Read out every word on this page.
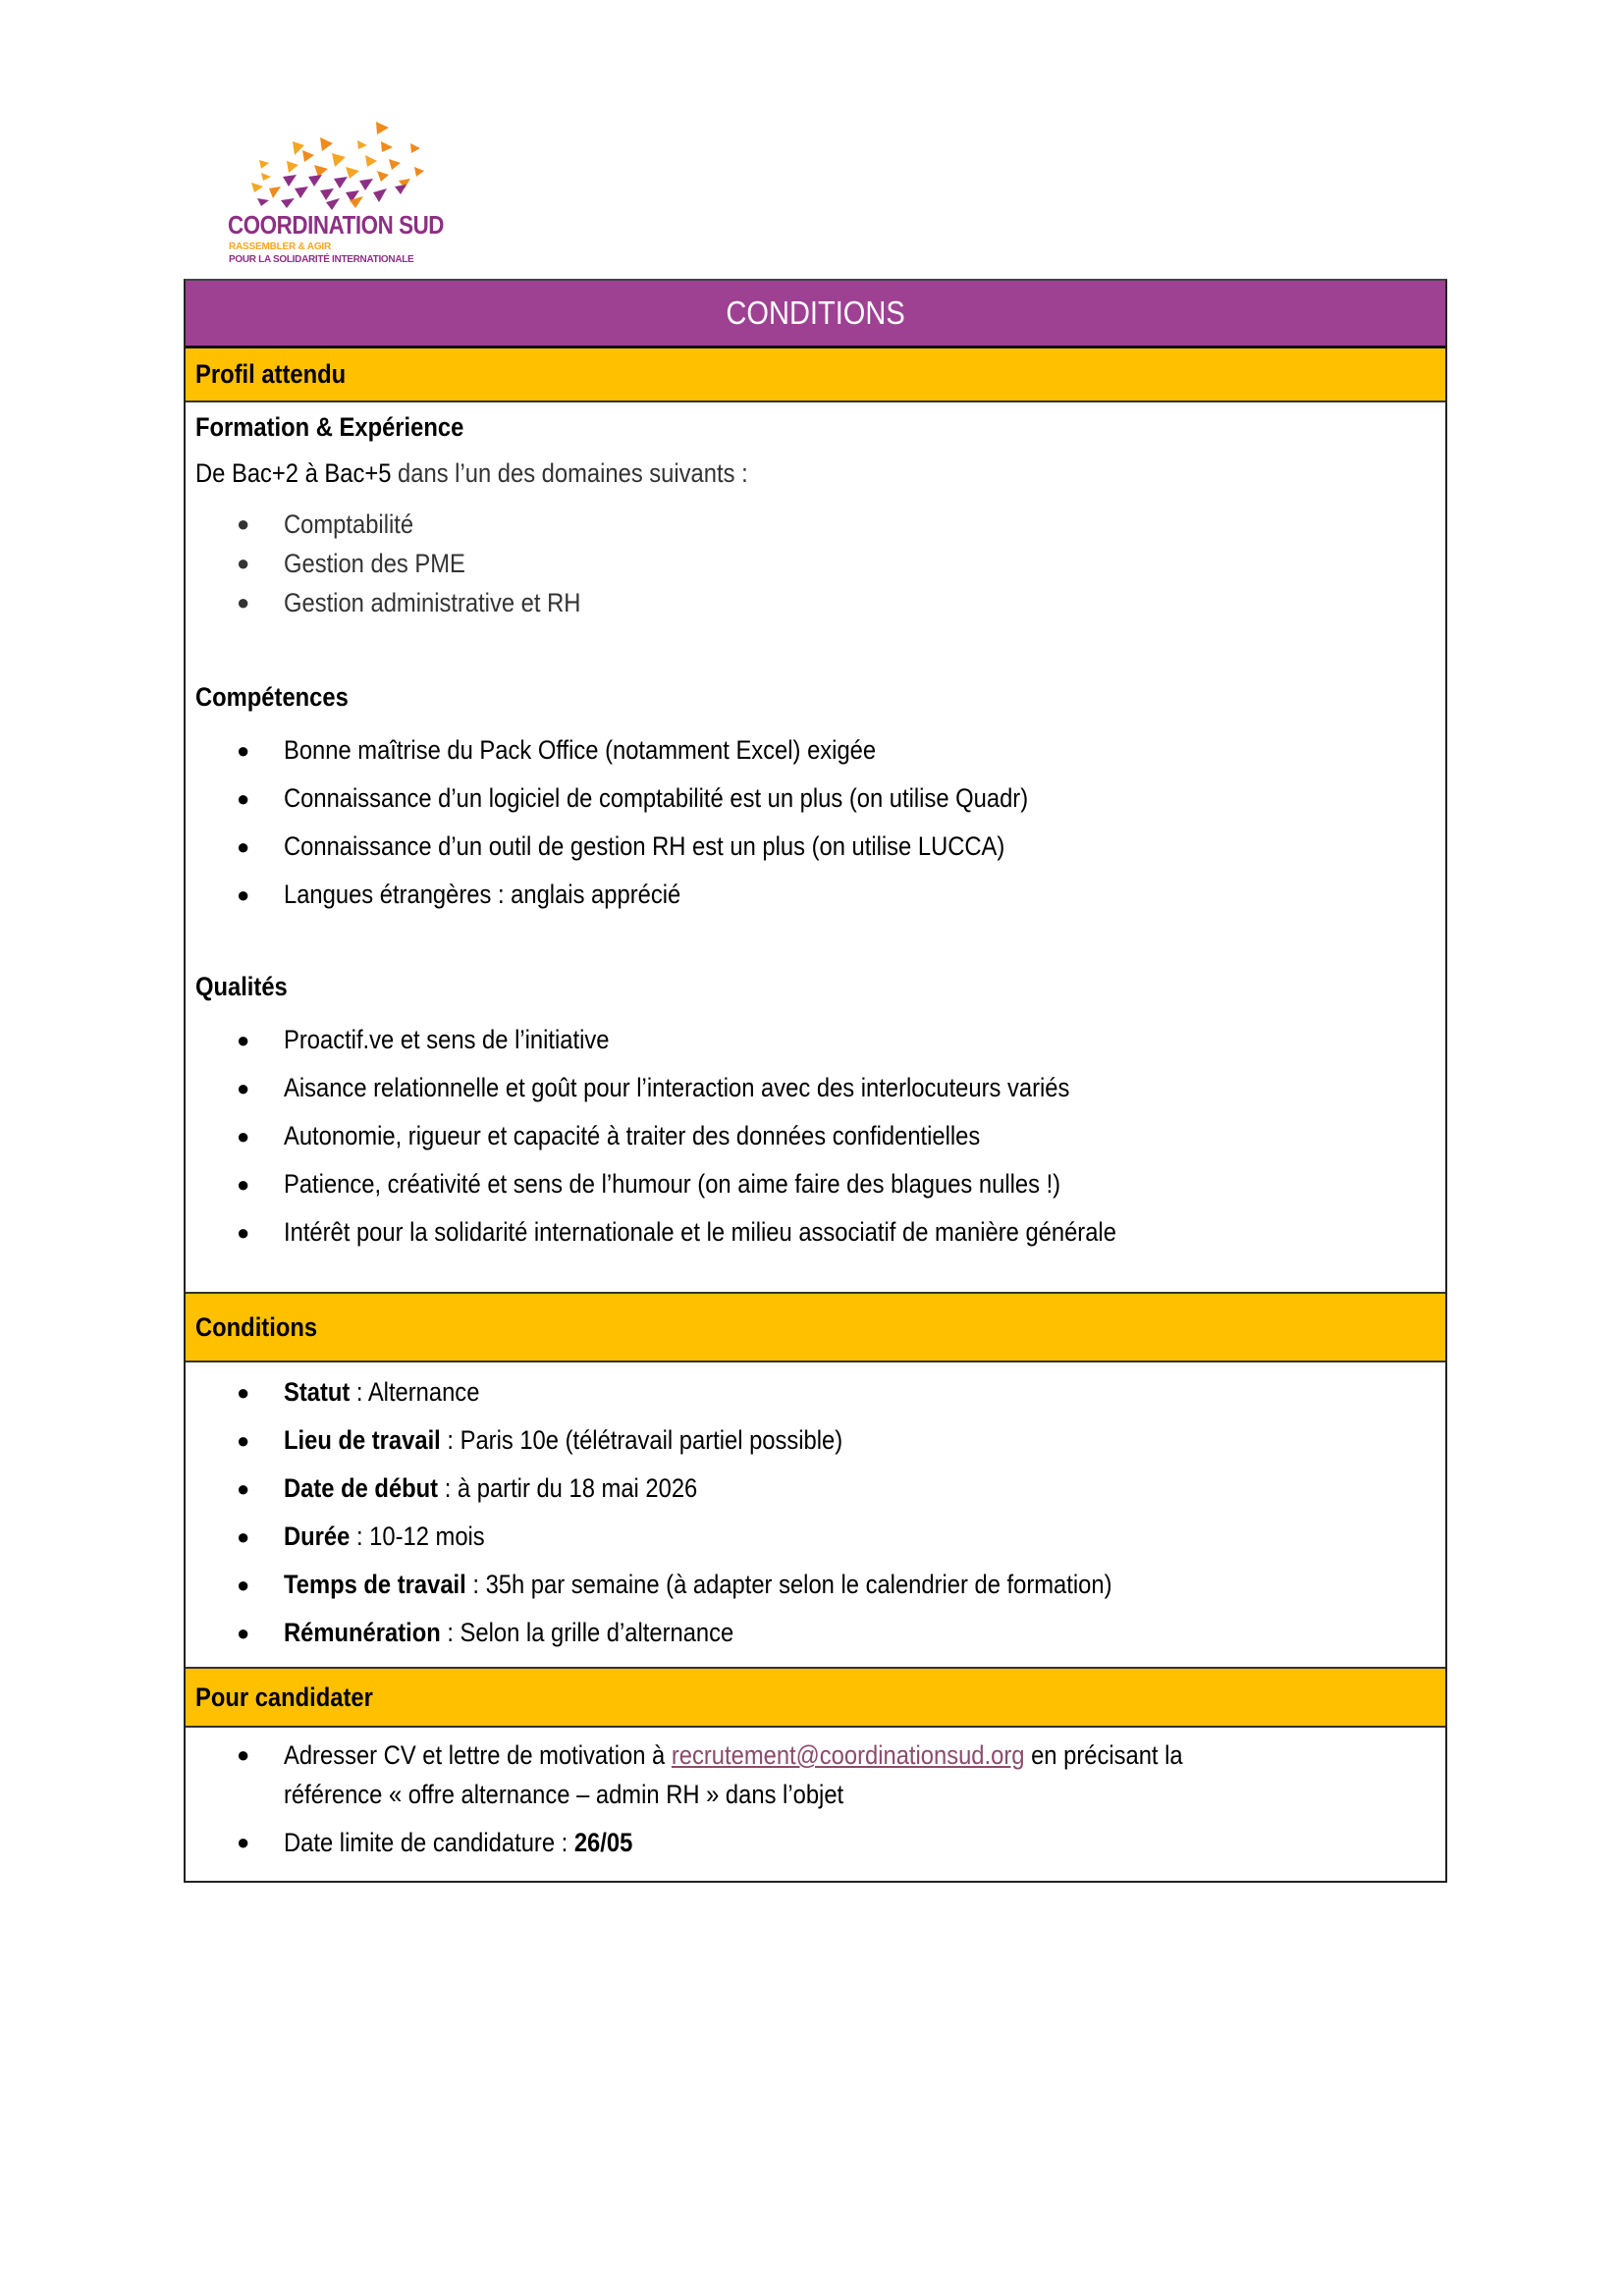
COORDINATION SUD
RASSEMBLER & AGIR
POUR LA SOLIDARITÉ INTERNATIONALE
CONDITIONS
Profil attendu
Formation & Expérience
De Bac+2 à Bac+5 dans l’un des domaines suivants :
● Comptabilité
● Gestion des PME
● Gestion administrative et RH
Compétences
● Bonne maîtrise du Pack Office (notamment Excel) exigée
● Connaissance d’un logiciel de comptabilité est un plus (on utilise Quadr)
● Connaissance d’un outil de gestion RH est un plus (on utilise LUCCA)
● Langues étrangères : anglais apprécié
Qualités
● Proactif.ve et sens de l’initiative
● Aisance relationnelle et goût pour l’interaction avec des interlocuteurs variés
● Autonomie, rigueur et capacité à traiter des données confidentielles
● Patience, créativité et sens de l’humour (on aime faire des blagues nulles !)
● Intérêt pour la solidarité internationale et le milieu associatif de manière générale
Conditions
● Statut : Alternance
● Lieu de travail : Paris 10e (télétravail partiel possible)
● Date de début : à partir du 18 mai 2026
● Durée : 10-12 mois
● Temps de travail : 35h par semaine (à adapter selon le calendrier de formation)
● Rémunération : Selon la grille d’alternance
Pour candidater
● Adresser CV et lettre de motivation à recrutement@coordinationsud.org en précisant la
référence « offre alternance – admin RH » dans l’objet
● Date limite de candidature : 26/05
